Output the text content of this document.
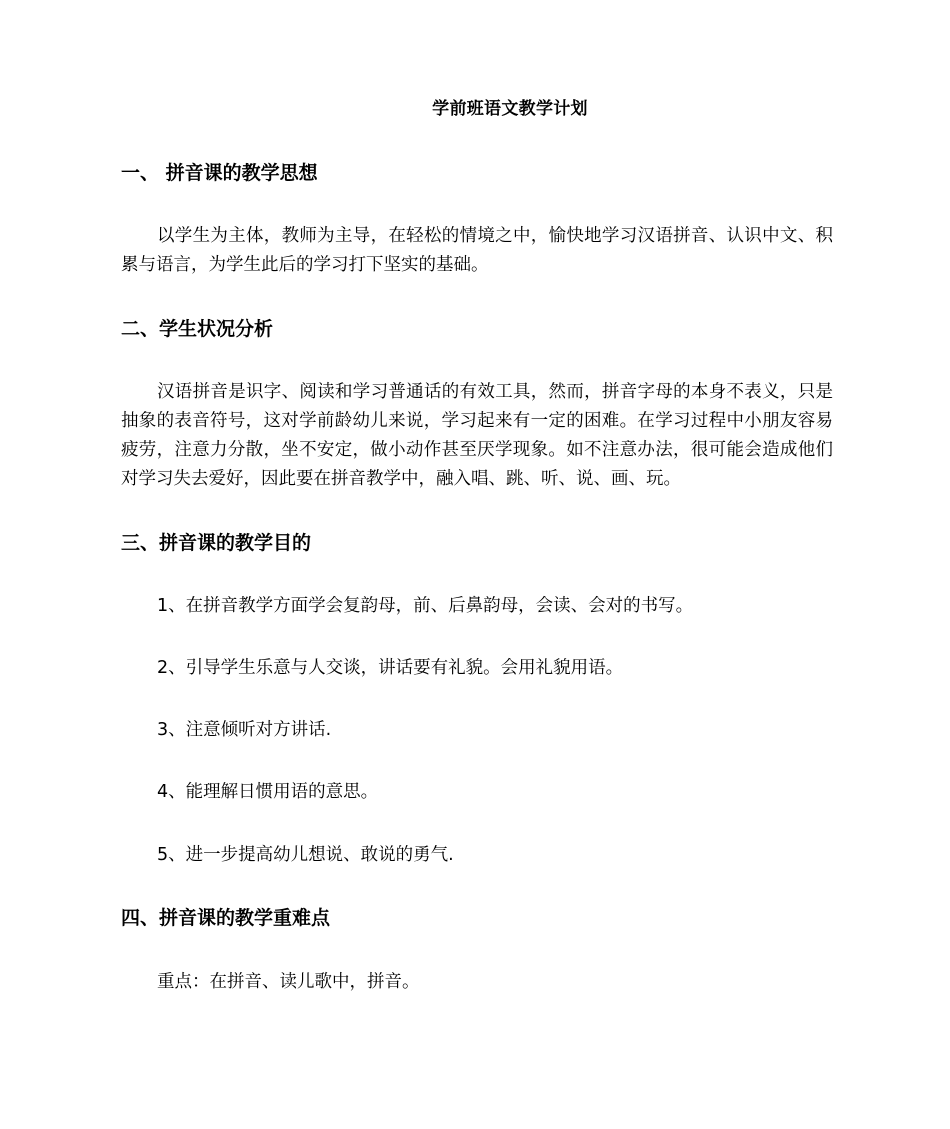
学前班语文教学计划
一、 拼音课的教学思想
以学生为主体，教师为主导，在轻松的情境之中，愉快地学习汉语拼音、认识中文、积累与语言，为学生此后的学习打下坚实的基础。
二、学生状况分析
汉语拼音是识字、阅读和学习普通话的有效工具，然而，拼音字母的本身不表义，只是抽象的表音符号，这对学前龄幼儿来说，学习起来有一定的困难。在学习过程中小朋友容易疲劳，注意力分散，坐不安定，做小动作甚至厌学现象。如不注意办法，很可能会造成他们对学习失去爱好，因此要在拼音教学中，融入唱、跳、听、说、画、玩。
三、拼音课的教学目的
1、在拼音教学方面学会复韵母，前、后鼻韵母，会读、会对的书写。
2、引导学生乐意与人交谈，讲话要有礼貌。会用礼貌用语。
3、注意倾听对方讲话.
4、能理解日惯用语的意思。
5、进一步提高幼儿想说、敢说的勇气.
四、拼音课的教学重难点
重点：在拼音、读儿歌中，拼音。
